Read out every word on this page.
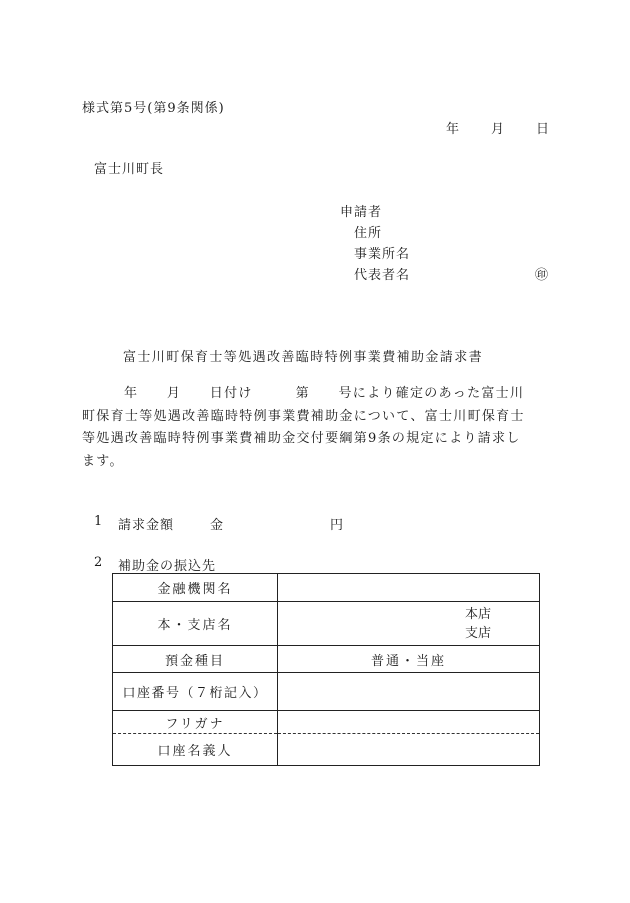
様式第5号(第9条関係)
年 月 日
富士川町長
申請者
住所
事業所名
代表者名	㊞
富士川町保育士等処遇改善臨時特例事業費補助金請求書
年　　月　　日付け　　　第　　号により確定のあった富士川
町保育士等処遇改善臨時特例事業費補助金について、富士川町保育士
等処遇改善臨時特例事業費補助金交付要綱第9条の規定により請求し
ます。
1 請求金額	金	円
2 補助金の振込先
金融機関名	
本・支店名	本店
支店

預金種目	普通・当座
口座番号（７桁記入）	
フリガナ	
口座名義人	
